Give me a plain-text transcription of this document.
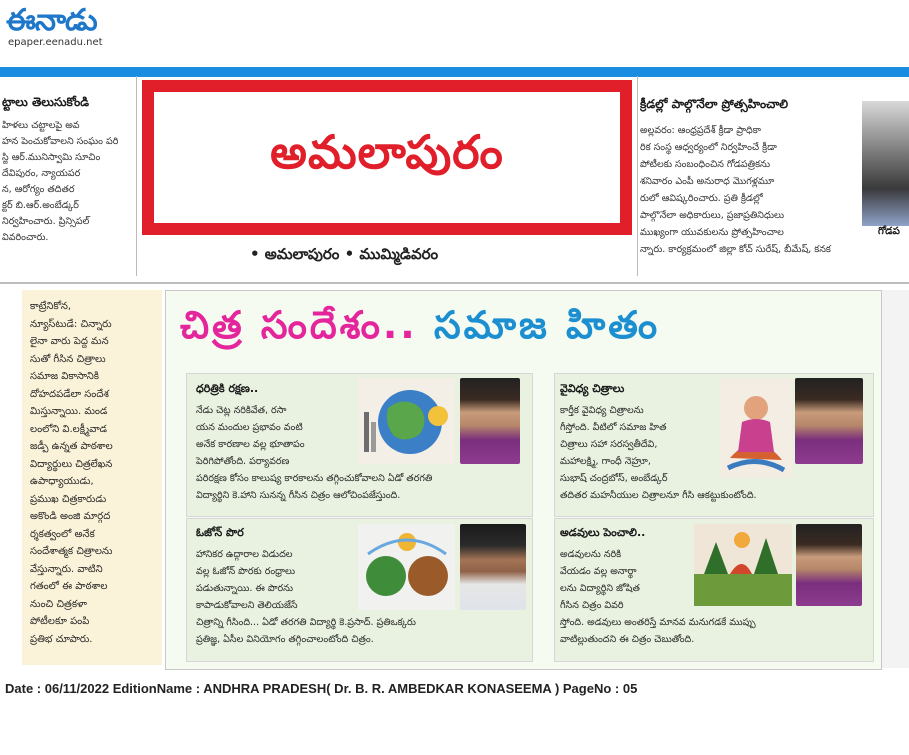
ఈనాడు
epaper.eenadu.net
ట్టాలు తెలుసుకోండి
హిళలు చట్టాలపై అవ
హన పెంచుకోవాలని సంఘం పరి
స్జి ఆర్.మునిస్వామి సూచిం
దేవిపురం, న్యాయపర
న, ఆరోగ్యం తదితర
క్టర్ బి.ఆర్.అంబేడ్కర్
నిర్వహించారు. ప్రిన్సిపల్
వివరించారు.
అమలాపురం
• అమలాపురం • ముమ్మిడివరం
క్రీడల్లో పాల్గొనేలా ప్రోత్సహించాలి
అల్లవరం: ఆంధ్రప్రదేశ్ క్రీడా ప్రాధికా
రిక సంస్థ ఆధ్వర్యంలో నిర్వహించే క్రీడా
పోటీలకు సంబంధించిన గోడపత్రికను
శనివారం ఎంపీ అనురాధ మొగళ్లమూ
రులో ఆవిష్కరించారు. ప్రతి క్రీడల్లో
పాల్గొనేలా అధికారులు, ప్రజాప్రతినిధులు
ముఖ్యంగా యువకులను ప్రోత్సహించాల
న్నారు. కార్యక్రమంలో జిల్లా కోచ్ సురేష్, బీమేష్, కనక
గోడప
కాట్రేనికోన,
న్యూస్‌టుడే: చిన్నారు
లైనా వారు పెద్ద మన
సుతో గీసిన చిత్రాలు
సమాజ వికాసానికి
దోహదపడేలా సందేశ
మిస్తున్నాయి. మండ
లంలోని వి.లక్ష్మీవాడ
జడ్పీ ఉన్నత పాఠశాల
విద్యార్థులు చిత్రలేఖన
ఉపాధ్యాయుడు,
ప్రముఖ చిత్రకారుడు
అకొండి అంజి మార్గద
ర్శకత్వంలో అనేక
సందేశాత్మక చిత్రాలను
వేస్తున్నారు. వాటిని
గతంలో ఈ పాఠశాల
నుంచి చిత్రకళా
పోటీలకూ పంపి
ప్రతిభ చూపారు.
చిత్ర సందేశం.. సమాజ హితం
ధరిత్రికి రక్షణ..
నేడు చెట్ల నరికివేత, రసా
యన మందుల ప్రభావం వంటి
అనేక కారణాల వల్ల భూతాపం
పెరిగిపోతోంది. పర్యావరణ
పరిరక్షణ కోసం కాలుష్య కారకాలను తగ్గించుకోవాలని ఏడో తరగతి
విద్యార్థిని కె.హాని సునన్న గీసిన చిత్రం ఆలోచింపజేస్తుంది.
వైవిధ్య చిత్రాలు
కార్తీక వైవిధ్య చిత్రాలను
గీస్తోంది. వీటిలో సమాజ హిత
చిత్రాలు సహా సరస్వతీదేవి,
మహాలక్ష్మి, గాంధీ నెహ్రూ,
సుభాష్ చంద్రబోస్, అంబేడ్కర్
తదితర మహనీయుల చిత్రాలనూ గీసి ఆకట్టుకుంటోంది.
ఓజోన్ పొర
హానికర ఉద్గారాల విడుదల
వల్ల ఓజోన్ పొరకు రంధ్రాలు
పడుతున్నాయి. ఈ పొరను
కాపాడుకోవాలని తెలియజేసే
చిత్రాన్ని గీసింది... ఏడో తరగతి విద్యార్థి కె.ప్రసాద్. ప్రతిఒక్కరు
ప్రతిజ్ఞ, ఏసీల వినియోగం తగ్గించాలంటోంది చిత్రం.
అడవులు పెంచాలి..
అడవులను నరికి
వేయడం వల్ల అనార్థా
లను విద్యార్థిని జోషిత
గీసిన చిత్రం వివరి
స్తోంది. అడవులు అంతరిస్తే మానవ మనుగడకే ముప్పు
వాటిల్లుతుందని ఈ చిత్రం చెబుతోంది.
Date : 06/11/2022 EditionName : ANDHRA PRADESH( Dr. B. R. AMBEDKAR KONASEEMA ) PageNo : 05
